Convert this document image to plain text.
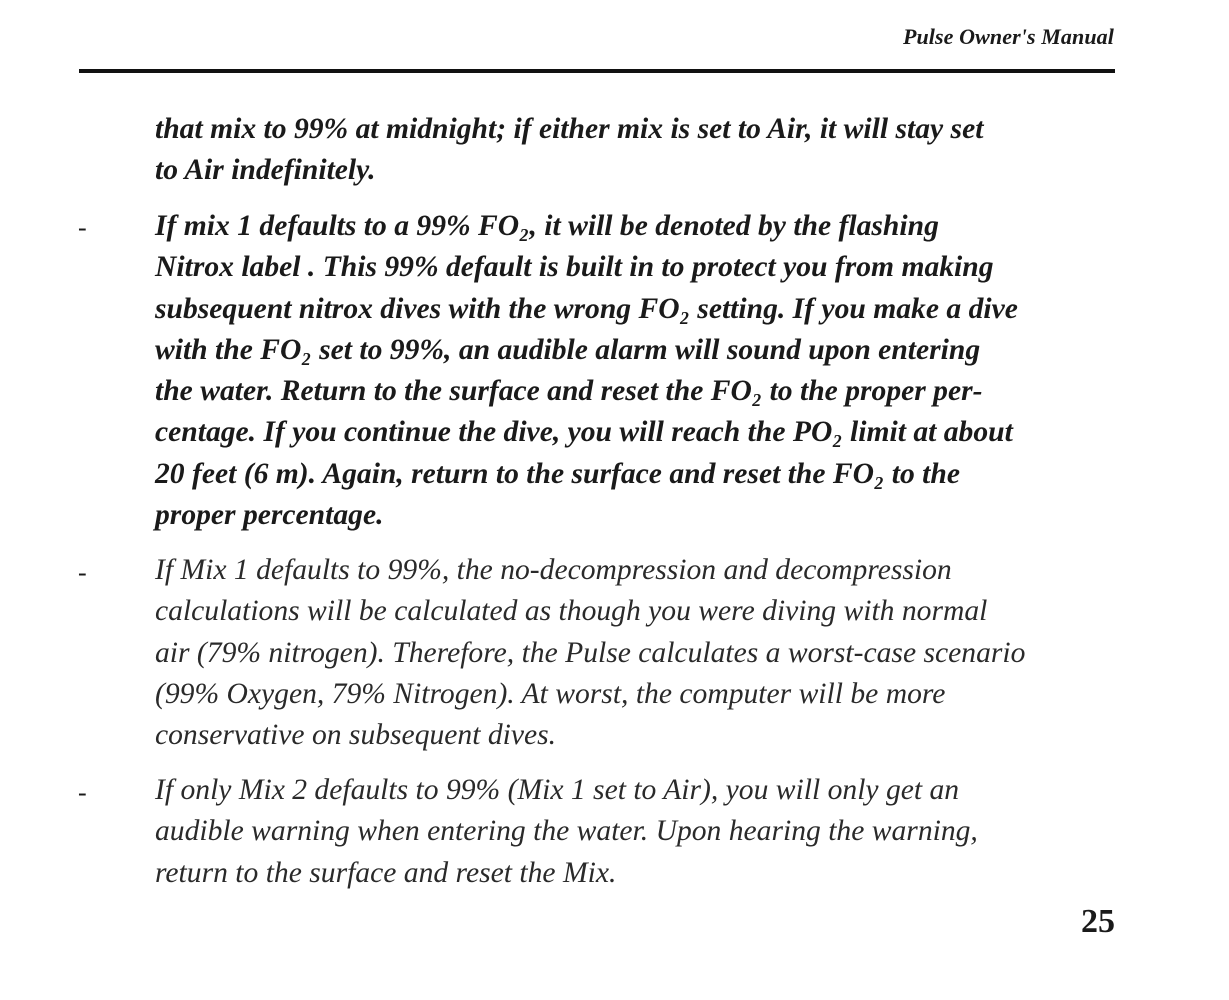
Pulse Owner's Manual
that mix to 99% at midnight; if either mix is set to Air, it will stay set
to Air indefinitely.
- If mix 1 defaults to a 99% FO₂, it will be denoted by the flashing
Nitrox label . This 99% default is built in to protect you from making
subsequent nitrox dives with the wrong FO₂ setting. If you make a dive
with the FO₂ set to 99%, an audible alarm will sound upon entering
the water. Return to the surface and reset the FO₂ to the proper per-
centage. If you continue the dive, you will reach the PO₂ limit at about
20 feet (6 m). Again, return to the surface and reset the FO₂ to the
proper percentage.
- If Mix 1 defaults to 99%, the no-decompression and decompression
calculations will be calculated as though you were diving with normal
air (79% nitrogen). Therefore, the Pulse calculates a worst-case scenario
(99% Oxygen, 79% Nitrogen). At worst, the computer will be more
conservative on subsequent dives.
- If only Mix 2 defaults to 99% (Mix 1 set to Air), you will only get an
audible warning when entering the water. Upon hearing the warning,
return to the surface and reset the Mix.
25
